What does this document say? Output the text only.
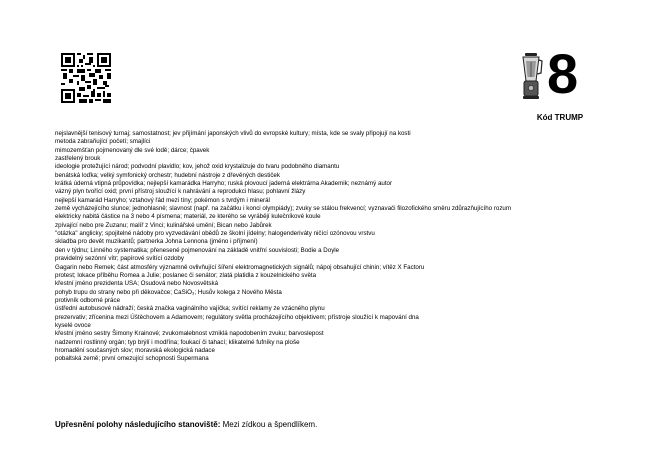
8
Kód TRUMP
nejslavnější tenisový turnaj; samostatnost; jev přijímání japonských vlivů do evropské kultury; místa, kde se svaly připojují na kosti
metoda zabraňující početí; smajlíci
mimozemšťan pojmenovaný dle své lodě; dárce; čpavek
zastřelený brouk
ideologie protežující národ; podvodní plavidlo; kov, jehož oxid krystalizuje do tvaru podobného diamantu
benátská loďka; velký symfonický orchestr; hudební nástroje z dřevěných destiček
krátká úderná vtipná průpovídka; nejlepší kamarádka Harryho; ruská plovoucí jaderná elektrárna Akademik; neznámý autor
vázný plyn tvořící oxid; první přístroj sloužící k nahrávání a reprodukci hlasu; pohlavní žlázy
nejlepší kamarád Harryho; vztahový řád mezi tíny; pokémon s tvrdým i minerál
země vycházejícího slunce; jednohlasně; slavnost (např. na začátku i konci olympiády); zvuky se stálou frekvencí; vyznavači filozofického směru zdůrazňujícího rozum
elektricky nabitá částice na 3 nebo 4 písmena; materiál, ze kterého se vyrábějí kulečníkové koule
zpívající nebo pre Zuzanu; malíř z Vinci; kulinářské umění; Bican nebo Jabůrek
"otázka" anglicky; spojitelné nádoby pro vyzvedávání obědů ze školní jídelny; halogenderiváty ničící ozónovou vrstvu
skladba pro devět muzikantů; partnerka Johna Lennona (jméno i příjmení)
den v týdnu; Linného systematika; přenesené pojmenování na základě vnitřní souvislosti; Bodie a Doyle
pravidelný sezónní vítr; papírové svítící ozdoby
Gagarin nebo Remek; část atmosféry významně ovlivňující šíření elektromagnetických signálů; nápoj obsahující chinin; vítěz X Factoru
protest; lokace příběhu Romea a Julie; poslanec či senátor; zlatá platidla z kouzelnického světa
křestní jméno prezidenta USA; Osudová nebo Novosvětská
pohyb trupu do strany nebo při děkovačce; CaSiO₃; Husův kolega z Nového Města
protivník odborné práce
ústřední autobusové nádraží; česká značka vaginálního vajíčka; svítící reklamy ze vzácného plynu
prezervativ; zřícenina mezi Úštěchovem a Adamovem; regulátory světla procházejícího objektivem; přístroje sloužící k mapování dna
kyselé ovoce
křestní jméno sestry Šimony Krainové; zvukomalebnost vzniklá napodobením zvuku; barvoslepost
nadzemní rostlinný orgán; typ brýlí i modřína; foukací či tahací; klikatelné fufníky na ploše
hromadění současných slov; moravská ekologická nadace
pobaltská země; první omezující schopnosti Supermana
Upřesnění polohy následujícího stanoviště: Mezi zídkou a špendlíkem.
